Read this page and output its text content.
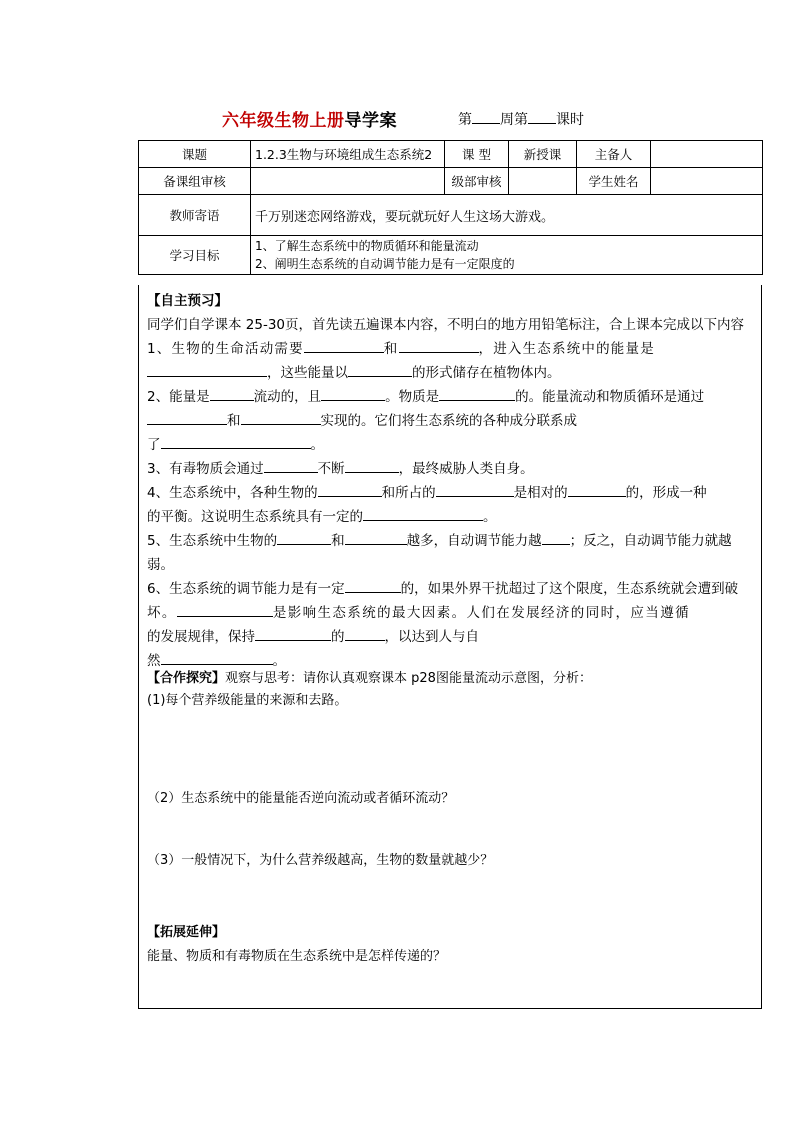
六年级生物上册导学案	第 周第 课时
课题	1.2.3生物与环境组成生态系统2	课 型	新授课	主备人	
备课组审核		级部审核		学生姓名	
教师寄语	千万别迷恋网络游戏，要玩就玩好人生这场大游戏。				
学习目标	1、了解生态系统中的物质循环和能量流动
2、阐明生态系统的自动调节能力是有一定限度的				
【自主预习】
同学们自学课本 25-30页，首先读五遍课本内容，不明白的地方用铅笔标注，合上课本完成以下内容
1、生物的生命活动需要	和	，进入生态系统中的能量是
，这些能量以	的形式储存在植物体内。
2、能量是	流动的，且	。物质是	的。能量流动和物质循环是通过
和	实现的。它们将生态系统的各种成分联系成
了	。
3、有毒物质会通过	不断	，最终威胁人类自身。
4、生态系统中，各种生物的	和所占的	是相对的	的，形成一种
的平衡。这说明生态系统具有一定的	。
5、生态系统中生物的	和	越多，自动调节能力越 ；反之，自动调节能力就越
弱。
6、生态系统的调节能力是有一定	的，如果外界干扰超过了这个限度，生态系统就会遭到破
坏。	是影响生态系统的最大因素。人们在发展经济的同时，应当遵循
的发展规律，保持	的	，以达到人与自
然	。
【合作探究】观察与思考：请你认真观察课本 p28图能量流动示意图，分析：
(1)每个营养级能量的来源和去路。
（2）生态系统中的能量能否逆向流动或者循环流动？
（3）一般情况下，为什么营养级越高，生物的数量就越少？
【拓展延伸】
能量、物质和有毒物质在生态系统中是怎样传递的？
